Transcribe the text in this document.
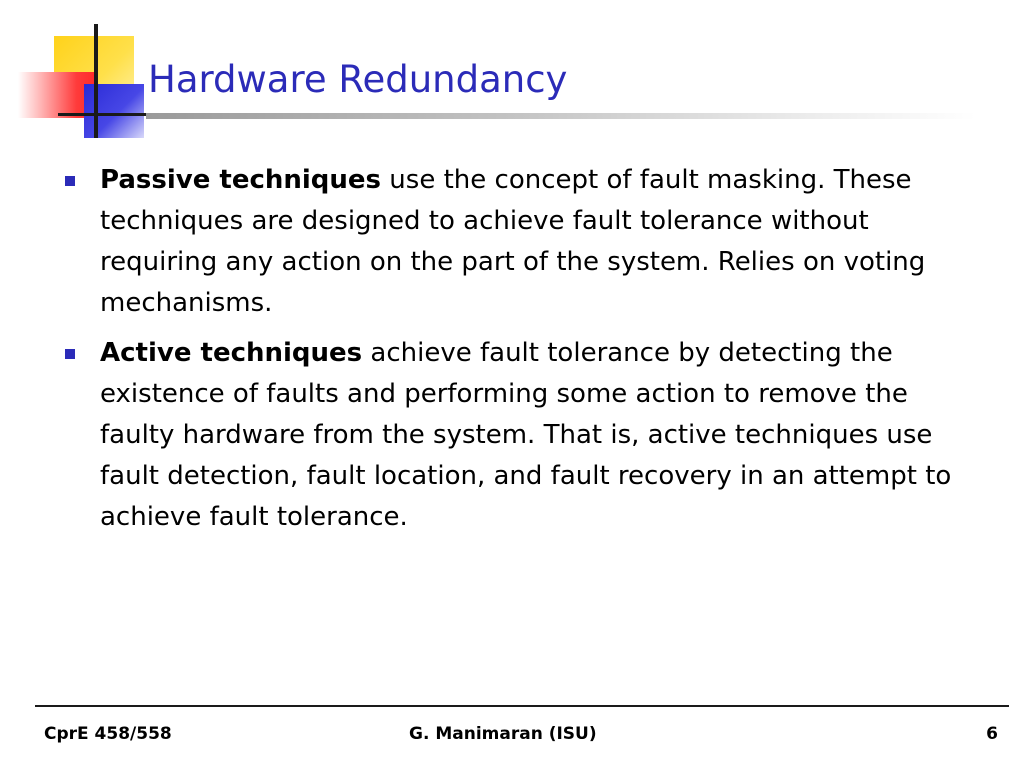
Hardware Redundancy
Passive techniques use the concept of fault masking. These techniques are designed to achieve fault tolerance without requiring any action on the part of the system. Relies on voting mechanisms.
Active techniques achieve fault tolerance by detecting the existence of faults and performing some action to remove the faulty hardware from the system. That is, active techniques use fault detection, fault location, and fault recovery in an attempt to achieve fault tolerance.
CprE 458/558	G. Manimaran (ISU)	6
